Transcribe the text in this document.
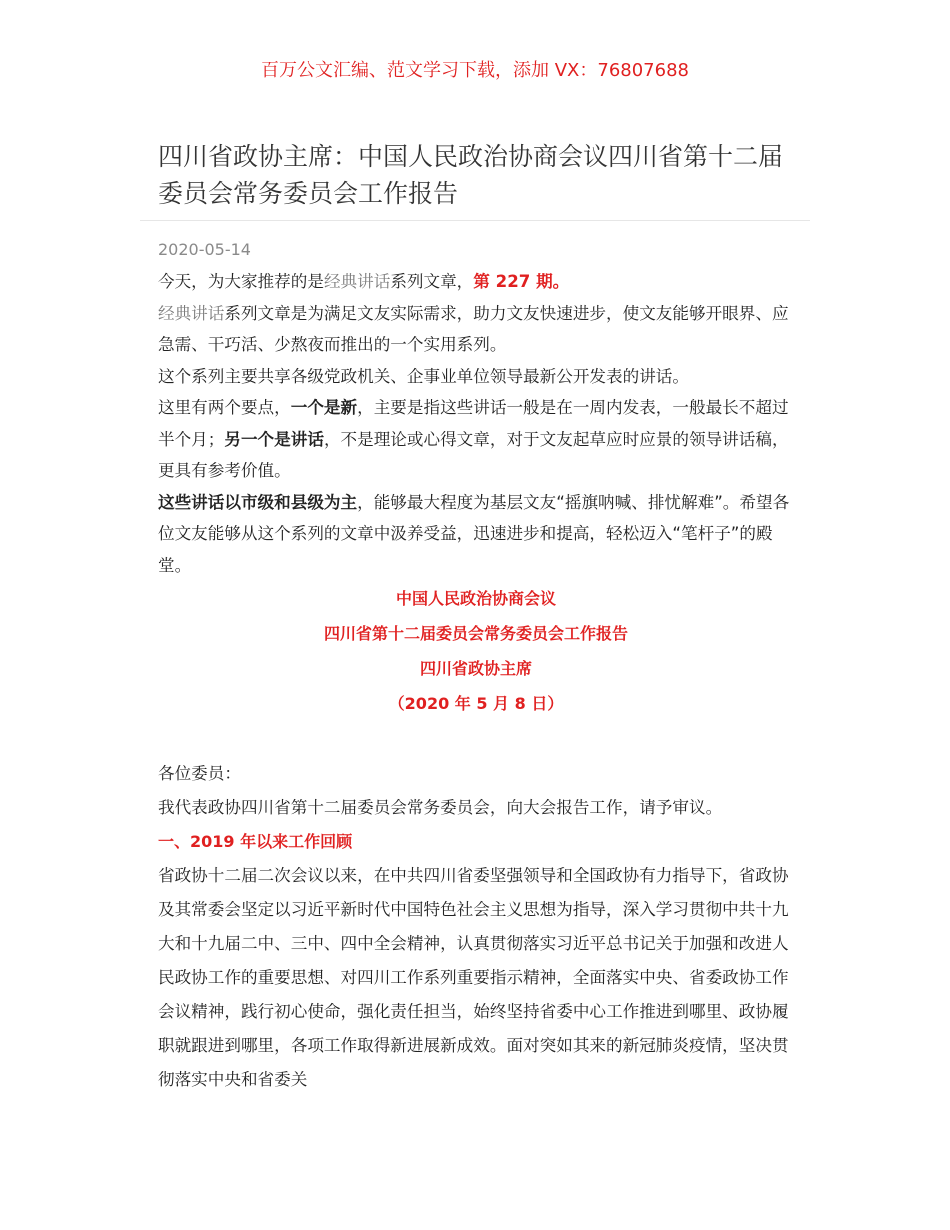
百万公文汇编、范文学习下载，添加 VX：76807688
四川省政协主席：中国人民政治协商会议四川省第十二届委员会常务委员会工作报告
2020-05-14

今天，为大家推荐的是经典讲话系列文章，第 227 期。

经典讲话系列文章是为满足文友实际需求，助力文友快速进步，使文友能够开眼界、应急需、干巧活、少熬夜而推出的一个实用系列。

这个系列主要共享各级党政机关、企事业单位领导最新公开发表的讲话。

这里有两个要点，一个是新，主要是指这些讲话一般是在一周内发表，一般最长不超过半个月；另一个是讲话，不是理论或心得文章，对于文友起草应时应景的领导讲话稿，更具有参考价值。

这些讲话以市级和县级为主，能够最大程度为基层文友“摇旗呐喊、排忧解难”。希望各位文友能够从这个系列的文章中汲养受益，迅速进步和提高，轻松迈入“笔杆子”的殿堂。

中国人民政治协商会议

四川省第十二届委员会常务委员会工作报告

四川省政协主席

（2020 年 5 月 8 日）

各位委员：

我代表政协四川省第十二届委员会常务委员会，向大会报告工作，请予审议。

一、2019 年以来工作回顾

省政协十二届二次会议以来，在中共四川省委坚强领导和全国政协有力指导下，省政协及其常委会坚定以习近平新时代中国特色社会主义思想为指导，深入学习贯彻中共十九大和十九届二中、三中、四中全会精神，认真贯彻落实习近平总书记关于加强和改进人民政协工作的重要思想、对四川工作系列重要指示精神，全面落实中央、省委政协工作会议精神，践行初心使命，强化责任担当，始终坚持省委中心工作推进到哪里、政协履职就跟进到哪里，各项工作取得新进展新成效。面对突如其来的新冠肺炎疫情，坚决贯彻落实中央和省委关
